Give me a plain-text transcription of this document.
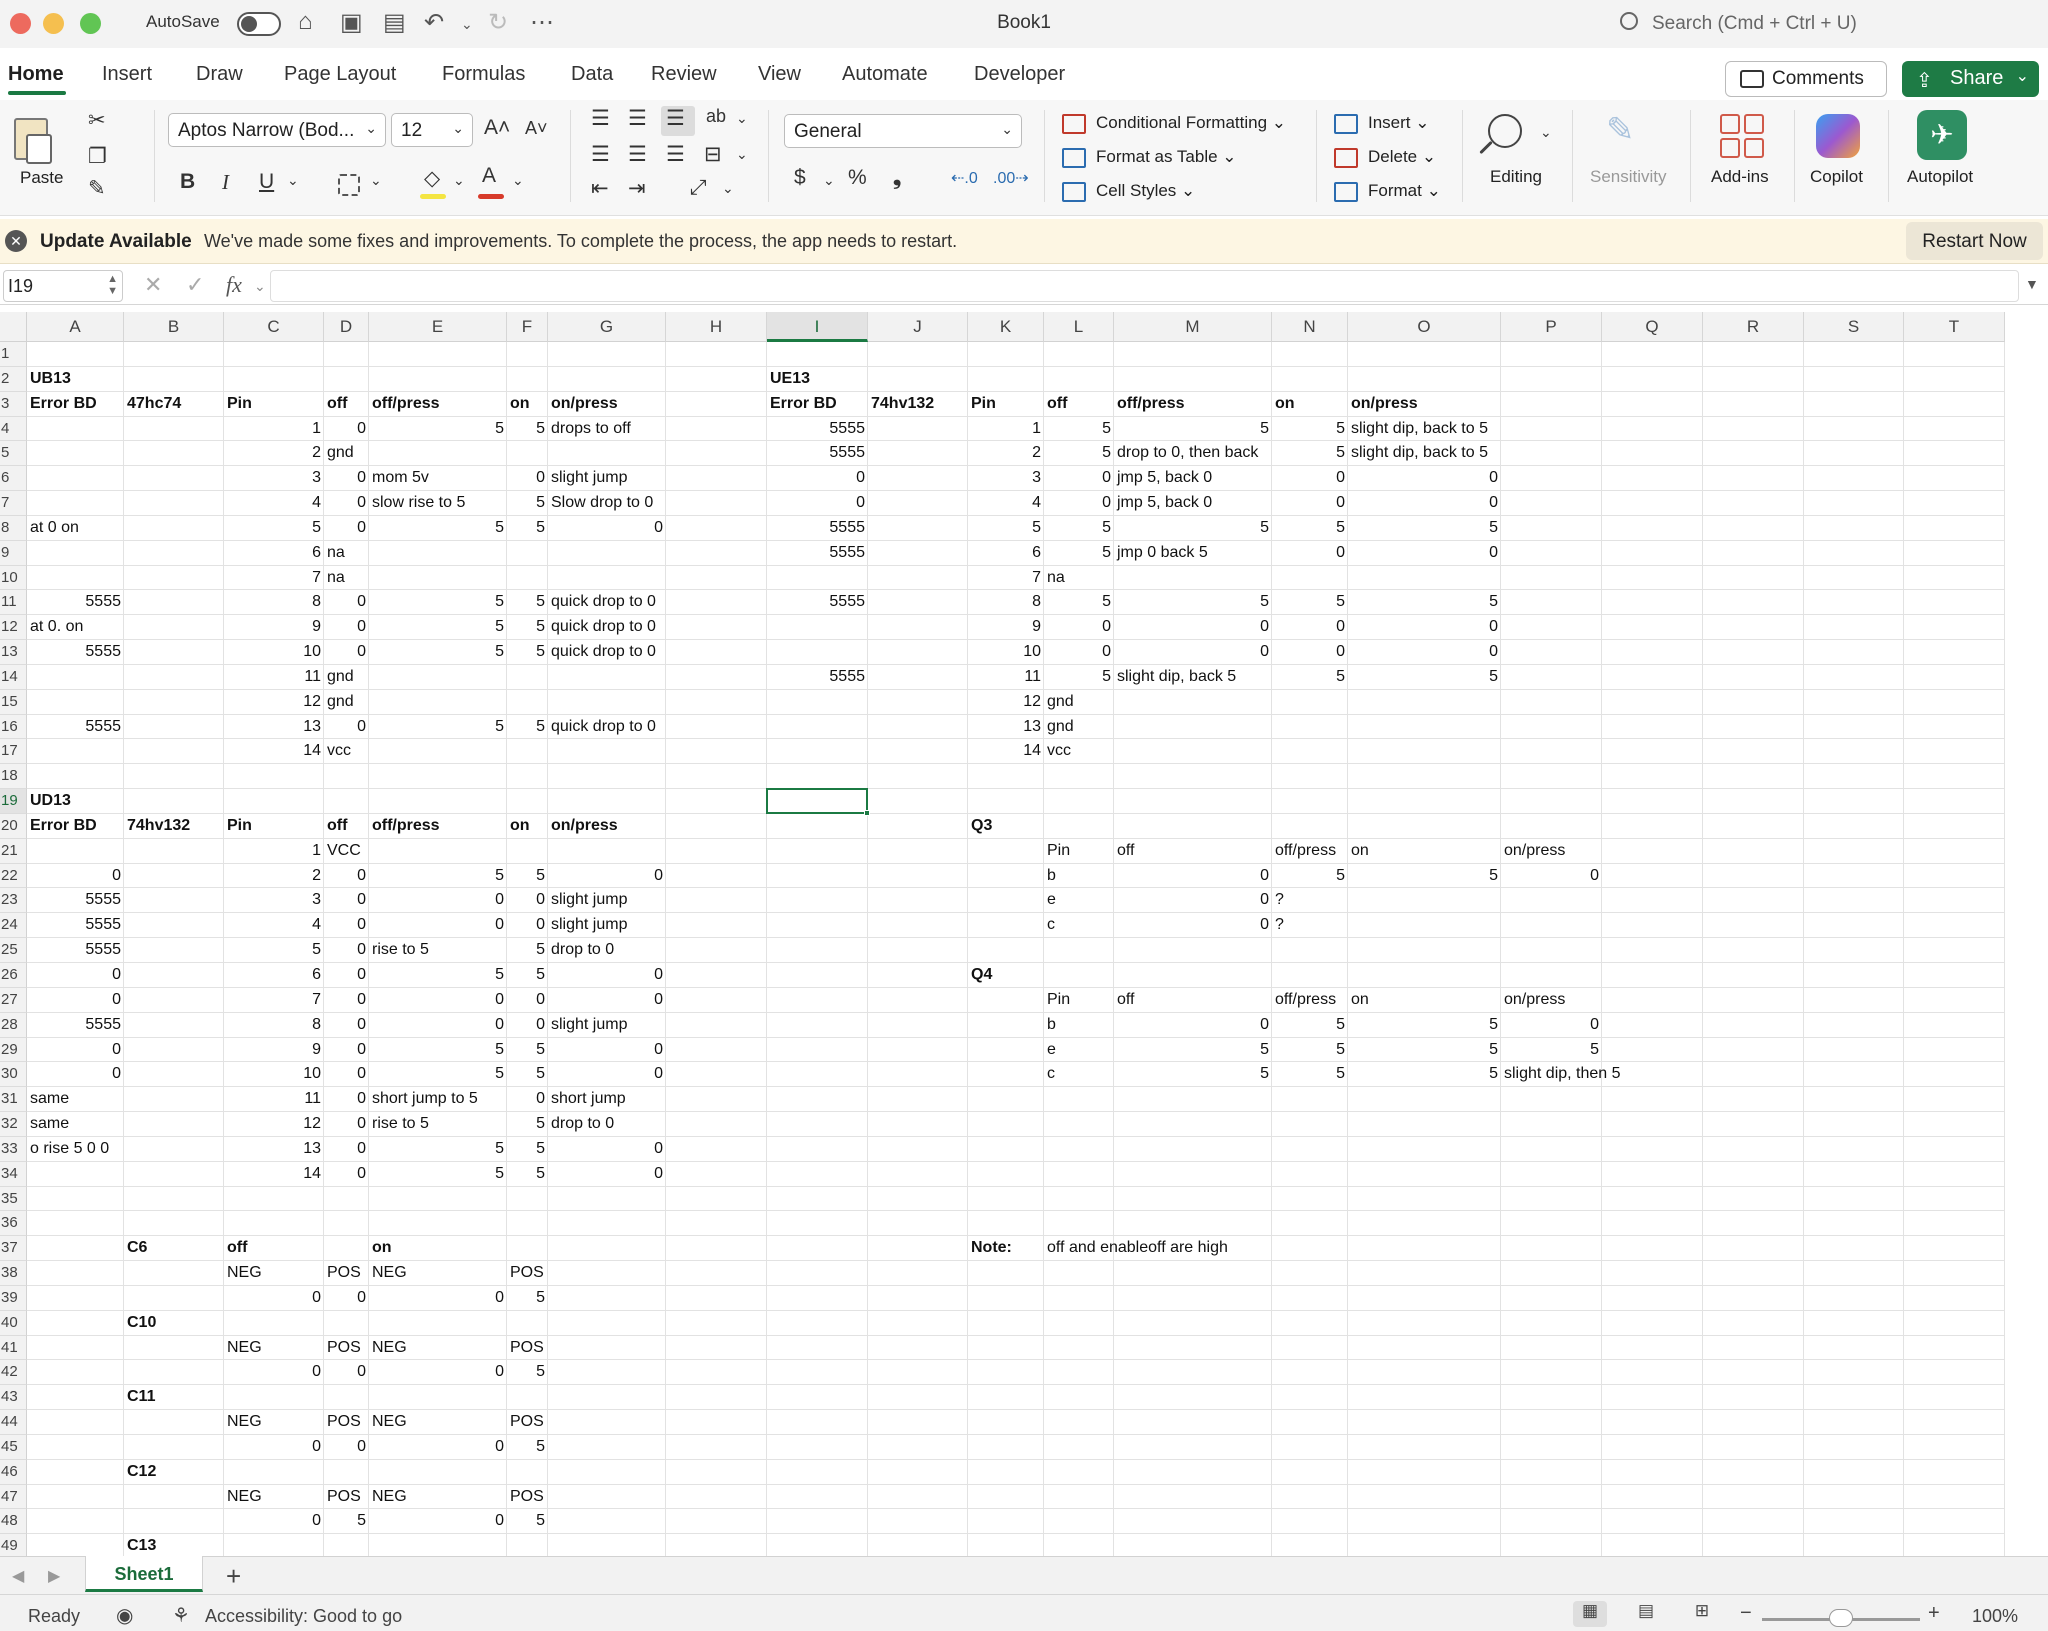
AutoSave	⌂ ▣ ▤ ↶ ⌄ ↻ ⋯	Book1	Search (Cmd + Ctrl + U)
Home Insert Draw Page Layout Formulas Data Review View Automate Developer	Comments	⇪ Share ⌄
Paste
✂
❐
✎
Aptos Narrow (Bod... ⌄	12 ⌄ A˄ A˅
B I U ⌄	⌄ ◇ ⌄ A ⌄
☰ ☰ ☰ ab ⌄
☰ ☰ ☰ ⊟ ⌄
⇤ ⇥ ⤢ ⌄
General	⌄
$ ⌄ % ❟	⇠.0 .00⇢
Conditional Formatting ⌄
Format as Table ⌄
Cell Styles ⌄
Insert ⌄
Delete ⌄
Format ⌄
⌄
Editing
✎
Sensitivity	Add-ins Copilot
✈
Autopilot
✕ Update Available We've made some fixes and improvements. To complete the process, the app needs to restart.	Restart Now
I19	▲
▼ ✕ ✓ fx ⌄	▼
A	B	C	D	E	F	G	H	I	J	K	L	M	N	O	P	Q	R	S	T
1
2
3
4
5
6
7
8
9
10
11
12
13
14
15
16
17
18
19
20
21
22
23
24
25
26
27
28
29
30
31
32
33
34
35
36
37
38
39
40
41
42
43
44
45
46
47
48
49
UB13	UE13
Error BD 47hc74	Pin	off off/press	on on/press	Error BD 74hv132 Pin	off	off/press	on	on/press
1	0	5	5 drops to off	5555	1	5	5	5 slight dip, back to 5
2 gnd	5555	2	5 drop to 0, then back	5 slight dip, back to 5
3	0 mom 5v	0 slight jump	0	3	0 jmp 5, back 0	0	0
4	0 slow rise to 5	5 Slow drop to 0	0	4	0 jmp 5, back 0	0	0
at 0 on	5	0	5	5	0	5555	5	5	5	5	5
6 na	5555	6	5 jmp 0 back 5	0	0
7 na	7 na
5555	8	0	5	5 quick drop to 0	5555	8	5	5	5	5
at 0. on	9	0	5	5 quick drop to 0	9	0	0	0	0
5555	10	0	5	5 quick drop to 0	10	0	0	0	0
11 gnd	5555	11	5 slight dip, back 5	5	5
12 gnd	12 gnd
5555	13	0	5	5 quick drop to 0	13 gnd
14 vcc	14 vcc
UD13
Error BD 74hv132 Pin	off off/press	on on/press	Q3
1 VCC	Pin	off	off/press on	on/press
0	2	0	5	5	0	b	0	5	5	0
5555	3	0	0	0 slight jump	e	0 ?
5555	4	0	0	0 slight jump	c	0 ?
5555	5	0 rise to 5	5 drop to 0
0	6	0	5	5	0	Q4
0	7	0	0	0	0	Pin	off	off/press on	on/press
5555	8	0	0	0 slight jump	b	0	5	5	0
0	9	0	5	5	0	e	5	5	5	5
0	10	0	5	5	0	c	5	5	5 slight dip, then 5
same	11	0 short jump to 5	0 short jump
same	12	0 rise to 5	5 drop to 0
o rise 5 0 0	13	0	5	5	0
14	0	5	5	0
C6	off	on	Note: off and enableoff are high
NEG	POS NEG	POS
0	0	0	5
C10
NEG	POS NEG	POS
0	0	0	5
C11
NEG	POS NEG	POS
0	0	0	5
C12
NEG	POS NEG	POS
0	5	0	5
C13
◀ ▶	Sheet1	+
Ready ◉ ⚘ Accessibility: Good to go	▦	▤	⊞	−	+ 100%
